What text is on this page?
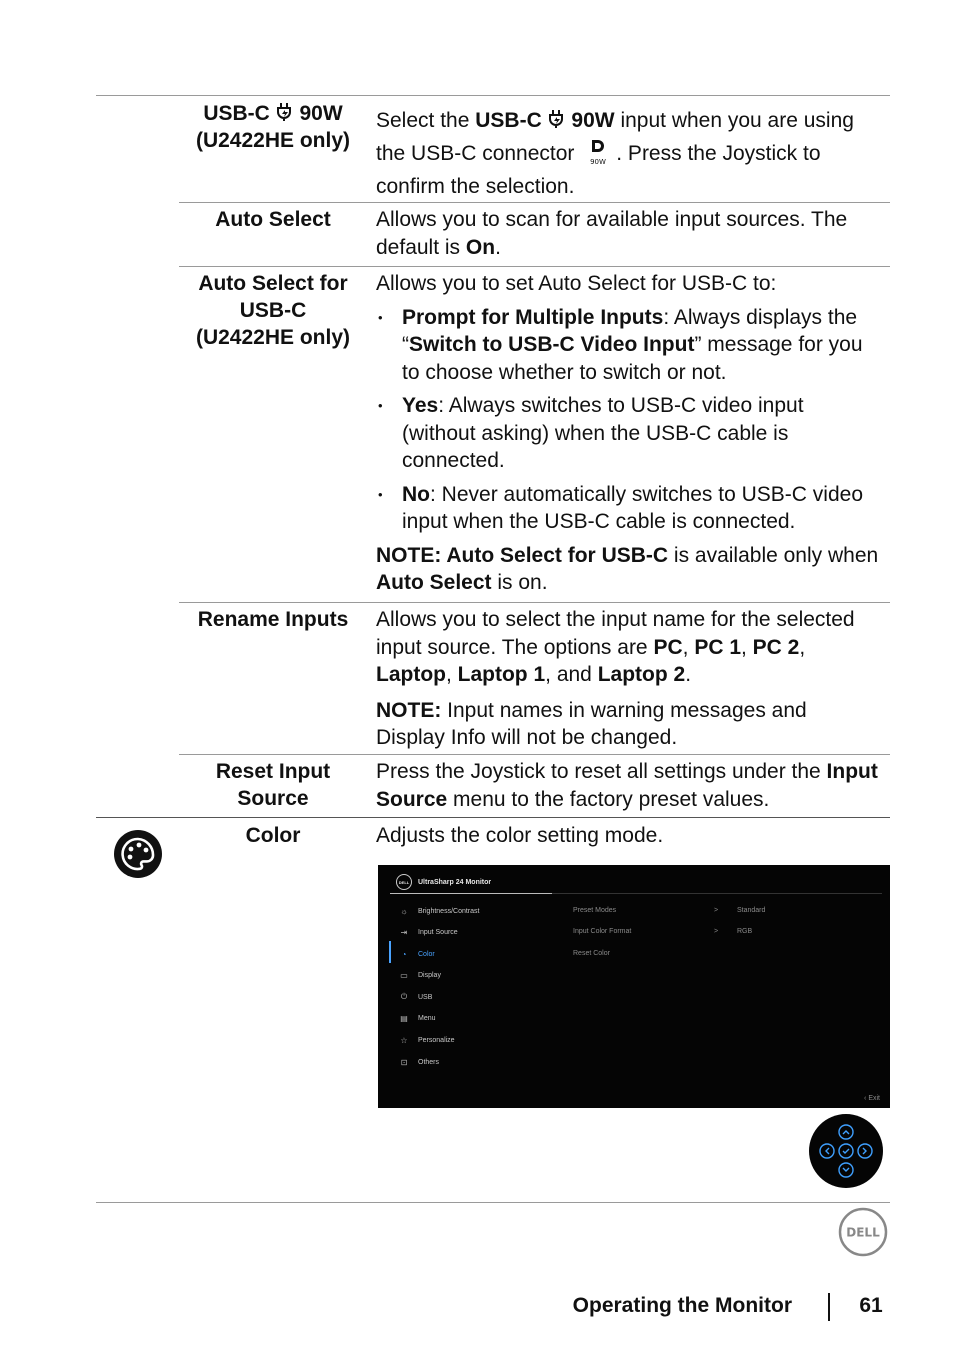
USB-C 90W
(U2422HE only)

Select the USB-C 90W input when you are using the USB-C connector 90W . Press the Joystick to confirm the selection.

Auto Select	Allows you to scan for available input sources. The default is On.

Auto Select for
USB-C
(U2422HE only)

Allows you to set Auto Select for USB-C to:

• Prompt for Multiple Inputs: Always displays the “Switch to USB-C Video Input” message for you to choose whether to switch or not.
• Yes: Always switches to USB-C video input (without asking) when the USB-C cable is connected.
• No: Never automatically switches to USB-C video input when the USB-C cable is connected.

NOTE: Auto Select for USB-C is available only when Auto Select is on.

Rename Inputs	Allows you to select the input name for the selected input source. The options are PC, PC 1, PC 2, Laptop, Laptop 1, and Laptop 2.

NOTE: Input names in warning messages and Display Info will not be changed.

Reset Input
Source

Press the Joystick to reset all settings under the Input Source menu to the factory preset values.

Color	Adjusts the color setting mode.
DELL	UltraSharp 24 Monitor
☼	Brightness/Contrast
⇥	Input Source
◔	Color
▭	Display
⏻	USB
▤	Menu
☆	Personalize
⊡	Others
Preset Modes	>	Standard
Input Color Format	>	RGB
Reset Color
‹ Exit
DELL
Operating the Monitor	61
